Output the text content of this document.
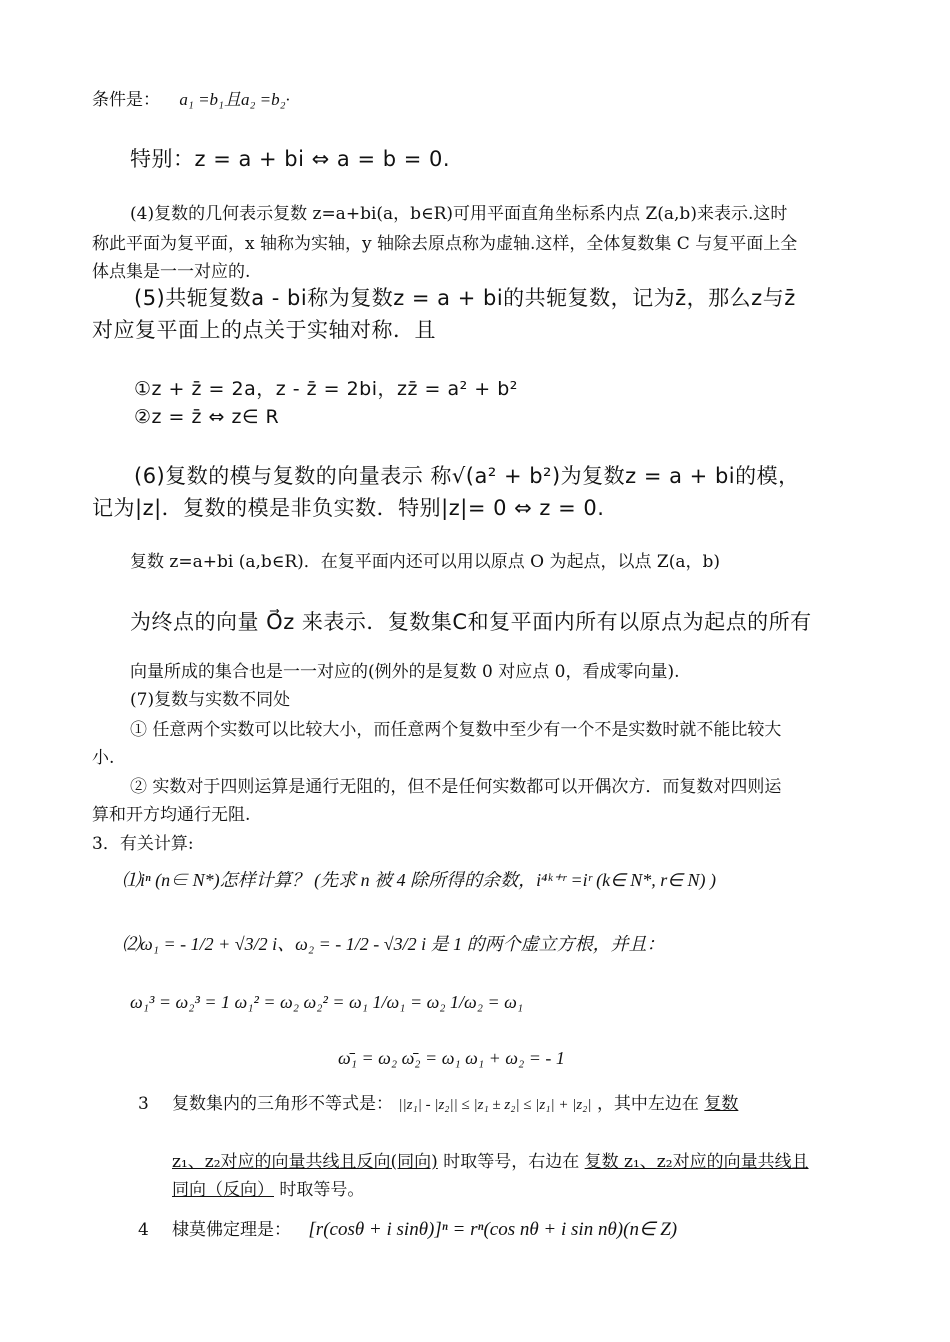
条件是： a₁ =b₁且a₂ =b₂·
特别：z = a + bi ⇔ a = b = 0.
(4)复数的几何表示复数 z=a+bi(a，b∈R)可用平面直角坐标系内点 Z(a,b)来表示.这时
称此平面为复平面，x 轴称为实轴，y 轴除去原点称为虚轴.这样，全体复数集 C 与复平面上全
体点集是一一对应的.
(5)共轭复数a - bi称为复数z = a + bi的共轭复数，记为z̄，那么z与z̄
对应复平面上的点关于实轴对称．且
①z + z̄ = 2a，z - z̄ = 2bi，zz̄ = a² + b²
②z = z̄ ⇔ z∈ R
(6)复数的模与复数的向量表示 称√(a² + b²)为复数z = a + bi的模，
记为|z|．复数的模是非负实数．特别|z|= 0 ⇔ z = 0.
复数 z=a+bi (a,b∈R)．在复平面内还可以用以原点 O 为起点，以点 Z(a，b)
为终点的向量 O⃗z 来表示．复数集C和复平面内所有以原点为起点的所有
向量所成的集合也是一一对应的(例外的是复数 0 对应点 0，看成零向量).
(7)复数与实数不同处
① 任意两个实数可以比较大小，而任意两个复数中至少有一个不是实数时就不能比较大
小.
② 实数对于四则运算是通行无阻的，但不是任何实数都可以开偶次方．而复数对四则运
算和开方均通行无阻.
3．有关计算:
⑴iⁿ (n∈ N*)怎样计算？ (先求 n 被 4 除所得的余数，i⁴ᵏ⁺ʳ =iʳ (k∈ N*, r∈ N) )
⑵ω₁ = - 1/2 + √3/2 i、ω₂ = - 1/2 - √3/2 i 是 1 的两个虚立方根，并且：
ω₁³ = ω₂³ = 1 ω₁² = ω₂ ω₂² = ω₁ 1/ω₁ = ω₂ 1/ω₂ = ω₁
ω̄₁ = ω₂ ω̄₂ = ω₁ ω₁ + ω₂ = - 1
3 复数集内的三角形不等式是： ||z₁| - |z₂|| ≤ |z₁ ± z₂| ≤ |z₁| + |z₂| ，其中左边在 复数
z₁、z₂对应的向量共线且反向(同向) 时取等号，右边在 复数 z₁、z₂对应的向量共线且
同向（反向） 时取等号。
4 棣莫佛定理是： [r(cosθ + i sinθ)]ⁿ = rⁿ(cos nθ + i sin nθ)(n∈ Z)
